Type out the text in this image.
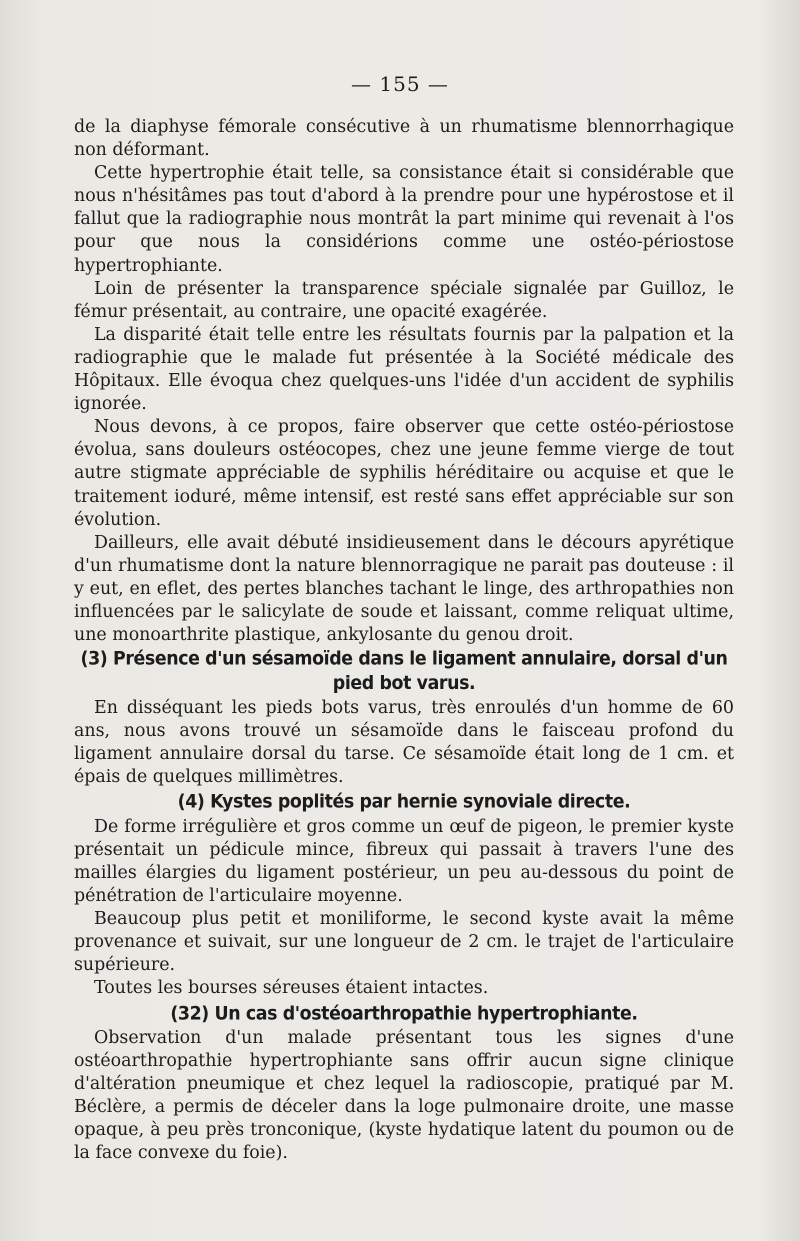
— 155 —

de la diaphyse fémorale consécutive à un rhumatisme blennorrhagique non déformant.

Cette hypertrophie était telle, sa consistance était si considérable que nous n'hésitâmes pas tout d'abord à la prendre pour une hypérostose et il fallut que la radiographie nous montrât la part minime qui revenait à l'os pour que nous la considérions comme une ostéo-périostose hypertrophiante.

Loin de présenter la transparence spéciale signalée par Guilloz, le fémur présentait, au contraire, une opacité exagérée.

La disparité était telle entre les résultats fournis par la palpation et la radiographie que le malade fut présentée à la Société médicale des Hôpitaux. Elle évoqua chez quelques-uns l'idée d'un accident de syphilis ignorée.

Nous devons, à ce propos, faire observer que cette ostéo-périostose évolua, sans douleurs ostéocopes, chez une jeune femme vierge de tout autre stigmate appréciable de syphilis héréditaire ou acquise et que le traitement ioduré, même intensif, est resté sans effet appréciable sur son évolution.

Dailleurs, elle avait débuté insidieusement dans le décours apyrétique d'un rhumatisme dont la nature blennorragique ne parait pas douteuse : il y eut, en eflet, des pertes blanches tachant le linge, des arthropathies non influencées par le salicylate de soude et laissant, comme reliquat ultime, une monoarthrite plastique, ankylosante du genou droit.

(3) Présence d'un sésamoïde dans le ligament annulaire, dorsal d'un pied bot varus.

En disséquant les pieds bots varus, très enroulés d'un homme de 60 ans, nous avons trouvé un sésamoïde dans le faisceau profond du ligament annulaire dorsal du tarse. Ce sésamoïde était long de 1 cm. et épais de quelques millimètres.

(4) Kystes poplités par hernie synoviale directe.

De forme irrégulière et gros comme un œuf de pigeon, le premier kyste présentait un pédicule mince, fibreux qui passait à travers l'une des mailles élargies du ligament postérieur, un peu au-dessous du point de pénétration de l'articulaire moyenne.

Beaucoup plus petit et moniliforme, le second kyste avait la même provenance et suivait, sur une longueur de 2 cm. le trajet de l'articulaire supérieure.

Toutes les bourses séreuses étaient intactes.

(32) Un cas d'ostéoarthropathie hypertrophiante.

Observation d'un malade présentant tous les signes d'une ostéoarthropathie hypertrophiante sans offrir aucun signe clinique d'altération pneumique et chez lequel la radioscopie, pratiqué par M. Béclère, a permis de déceler dans la loge pulmonaire droite, une masse opaque, à peu près tronconique, (kyste hydatique latent du poumon ou de la face convexe du foie).
